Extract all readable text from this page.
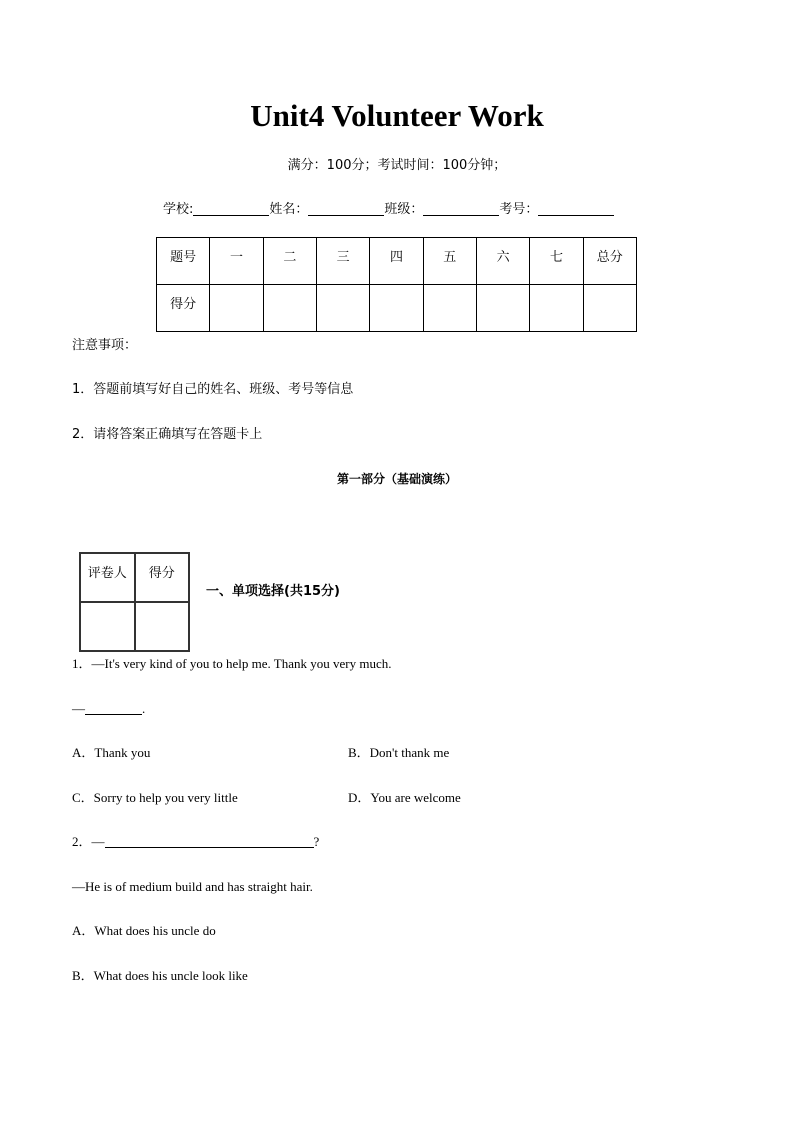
Unit4 Volunteer Work
满分：100分；考试时间：100分钟；
学校:	姓名：	班级：	考号：
题号	一	二	三	四	五	六	七	总分
得分								
注意事项：
1．答题前填写好自己的姓名、班级、考号等信息
2．请将答案正确填写在答题卡上
第一部分（基础演练）
评卷人	得分

一、单项选择(共15分)
1．—It's very kind of you to help me. Thank you very much.
—	.
A．Thank you	B．Don't thank me
C．Sorry to help you very little	D．You are welcome
2．—	?
—He is of medium build and has straight hair.
A．What does his uncle do
B．What does his uncle look like
